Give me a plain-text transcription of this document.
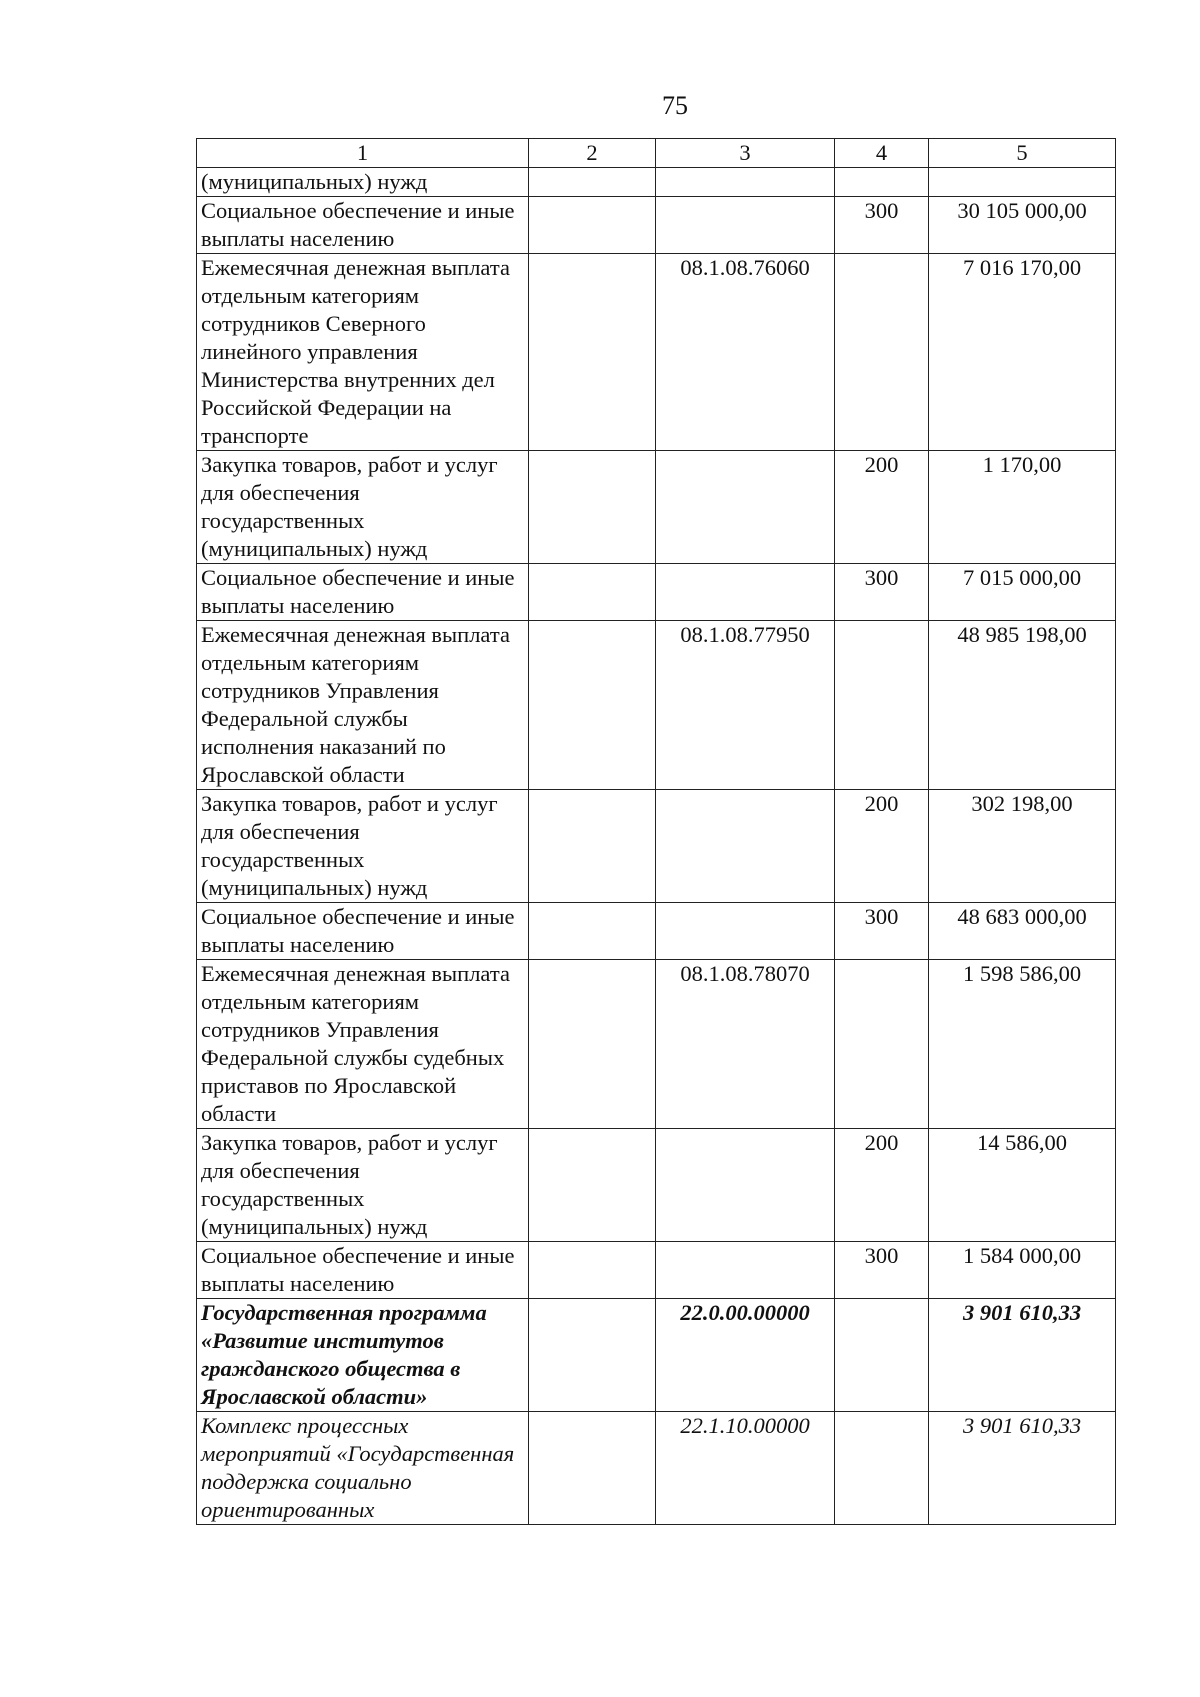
75
1	2	3	4	5
(муниципальных) нужд				
Социальное обеспечение и иные выплаты населению			300	30 105 000,00
Ежемесячная денежная выплата отдельным категориям сотрудников Северного линейного управления Министерства внутренних дел Российской Федерации на транспорте		08.1.08.76060		7 016 170,00
Закупка товаров, работ и услуг для обеспечения государственных (муниципальных) нужд			200	1 170,00
Социальное обеспечение и иные выплаты населению			300	7 015 000,00
Ежемесячная денежная выплата отдельным категориям сотрудников Управления Федеральной службы исполнения наказаний по Ярославской области		08.1.08.77950		48 985 198,00
Закупка товаров, работ и услуг для обеспечения государственных (муниципальных) нужд			200	302 198,00
Социальное обеспечение и иные выплаты населению			300	48 683 000,00
Ежемесячная денежная выплата отдельным категориям сотрудников Управления Федеральной службы судебных приставов по Ярославской области		08.1.08.78070		1 598 586,00
Закупка товаров, работ и услуг для обеспечения государственных (муниципальных) нужд			200	14 586,00
Социальное обеспечение и иные выплаты населению			300	1 584 000,00
Государственная программа «Развитие институтов гражданского общества в Ярославской области»		22.0.00.00000		3 901 610,33
Комплекс процессных мероприятий «Государственная поддержка социально ориентированных		22.1.10.00000		3 901 610,33
